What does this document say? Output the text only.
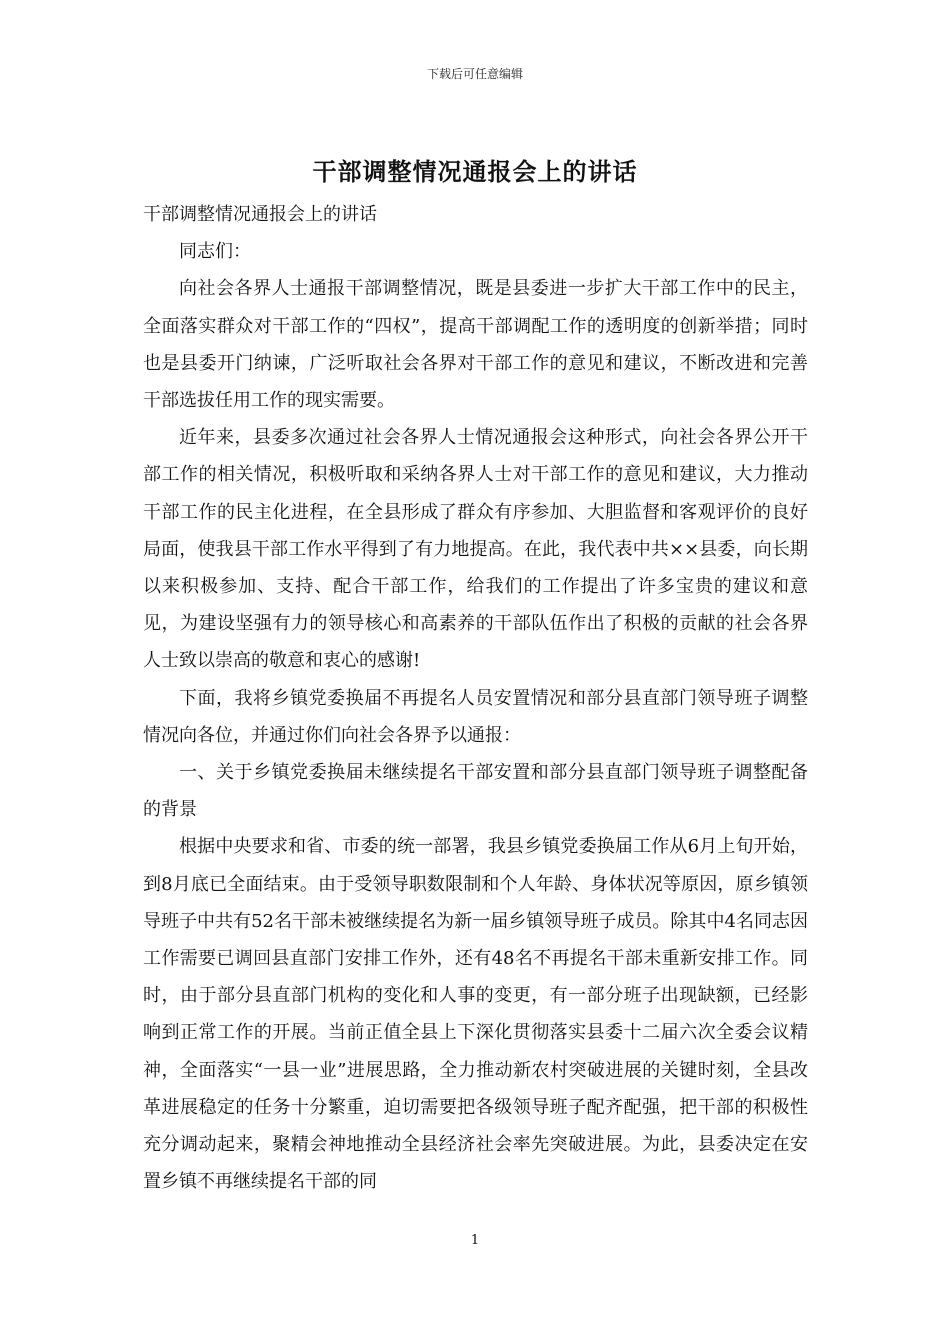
下载后可任意编辑
干部调整情况通报会上的讲话

干部调整情况通报会上的讲话

同志们：

向社会各界人士通报干部调整情况，既是县委进一步扩大干部工作中的民主，全面落实群众对干部工作的“四权”，提高干部调配工作的透明度的创新举措；同时也是县委开门纳谏，广泛听取社会各界对干部工作的意见和建议，不断改进和完善干部选拔任用工作的现实需要。

近年来，县委多次通过社会各界人士情况通报会这种形式，向社会各界公开干部工作的相关情况，积极听取和采纳各界人士对干部工作的意见和建议，大力推动干部工作的民主化进程，在全县形成了群众有序参加、大胆监督和客观评价的良好局面，使我县干部工作水平得到了有力地提高。在此，我代表中共××县委，向长期以来积极参加、支持、配合干部工作，给我们的工作提出了许多宝贵的建议和意见，为建设坚强有力的领导核心和高素养的干部队伍作出了积极的贡献的社会各界人士致以崇高的敬意和衷心的感谢!

下面，我将乡镇党委换届不再提名人员安置情况和部分县直部门领导班子调整情况向各位，并通过你们向社会各界予以通报：

一、关于乡镇党委换届未继续提名干部安置和部分县直部门领导班子调整配备的背景

根据中央要求和省、市委的统一部署，我县乡镇党委换届工作从6月上旬开始，到8月底已全面结束。由于受领导职数限制和个人年龄、身体状况等原因，原乡镇领导班子中共有52名干部未被继续提名为新一届乡镇领导班子成员。除其中4名同志因工作需要已调回县直部门安排工作外，还有48名不再提名干部未重新安排工作。同时，由于部分县直部门机构的变化和人事的变更，有一部分班子出现缺额，已经影响到正常工作的开展。当前正值全县上下深化贯彻落实县委十二届六次全委会议精神，全面落实“一县一业”进展思路，全力推动新农村突破进展的关键时刻，全县改革进展稳定的任务十分繁重，迫切需要把各级领导班子配齐配强，把干部的积极性充分调动起来，聚精会神地推动全县经济社会率先突破进展。为此，县委决定在安置乡镇不再继续提名干部的同

1
